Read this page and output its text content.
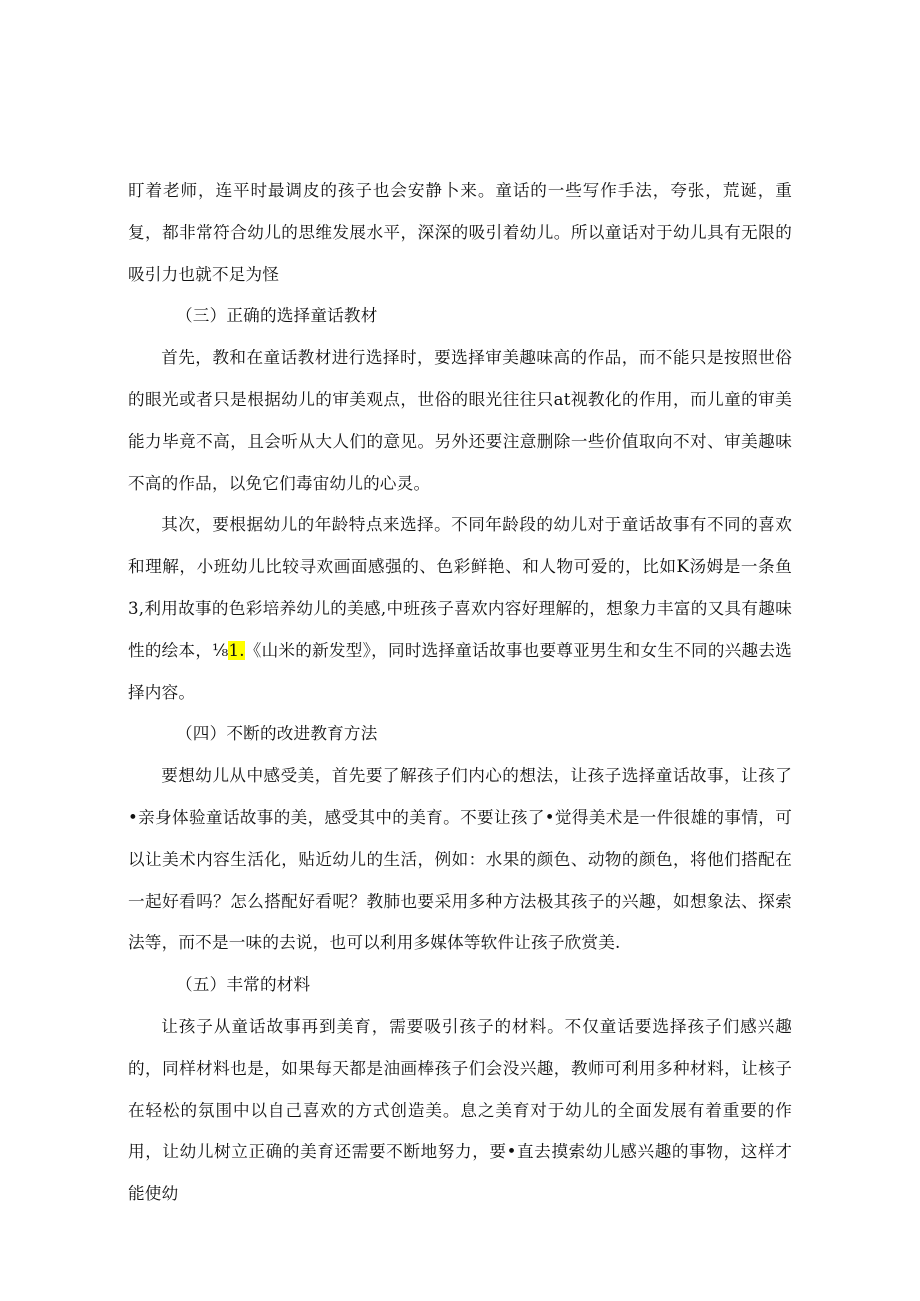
盯着老师，连平时最调皮的孩子也会安静卜来。童话的一些写作手法，夸张，荒诞，重复，都非常符合幼儿的思维发展水平，深深的吸引着幼儿。所以童话对于幼儿具有无限的吸引力也就不足为怪

（三）正确的选择童话教材

首先，教和在童话教材进行选择时，要选择审美趣味高的作品，而不能只是按照世俗的眼光或者只是根据幼儿的审美观点，世俗的眼光往往只at视教化的作用，而儿童的审美能力毕竟不高，且会听从大人们的意见。另外还要注意删除一些价值取向不对、审美趣味不高的作品，以免它们毒宙幼儿的心灵。

其次，要根据幼儿的年龄特点来选择。不同年龄段的幼儿对于童话故事有不同的喜欢和理解，小班幼儿比较寻欢画面感强的、色彩鲜艳、和人物可爱的，比如K汤姆是一条鱼3,利用故事的色彩培养幼儿的美感,中班孩子喜欢内容好理解的，想象力丰富的又具有趣味性的绘本，⅛1.《山米的新发型》，同时选择童话故事也要尊亚男生和女生不同的兴趣去选择内容。

（四）不断的改进教育方法

要想幼儿从中感受美，首先要了解孩子们内心的想法，让孩子选择童话故事，让孩了•亲身体验童话故事的美，感受其中的美育。不要让孩了•觉得美术是一件很雄的事情，可以让美术内容生活化，贴近幼儿的生活，例如：水果的颜色、动物的颜色，将他们搭配在一起好看吗？怎么搭配好看呢？教肺也要采用多种方法极其孩子的兴趣，如想象法、探索法等，而不是一味的去说，也可以利用多媒体等软件让孩子欣赏美.

（五）丰常的材料

让孩子从童话故事再到美育，需要吸引孩子的材料。不仅童话要选择孩子们感兴趣的，同样材料也是，如果每天都是油画棒孩子们会没兴趣，教师可利用多种材料，让核子在轻松的氛围中以自己喜欢的方式创造美。息之美育对于幼儿的全面发展有着重要的作用，让幼儿树立正确的美育还需要不断地努力，要•直去摸索幼儿感兴趣的事物，这样才能使幼
